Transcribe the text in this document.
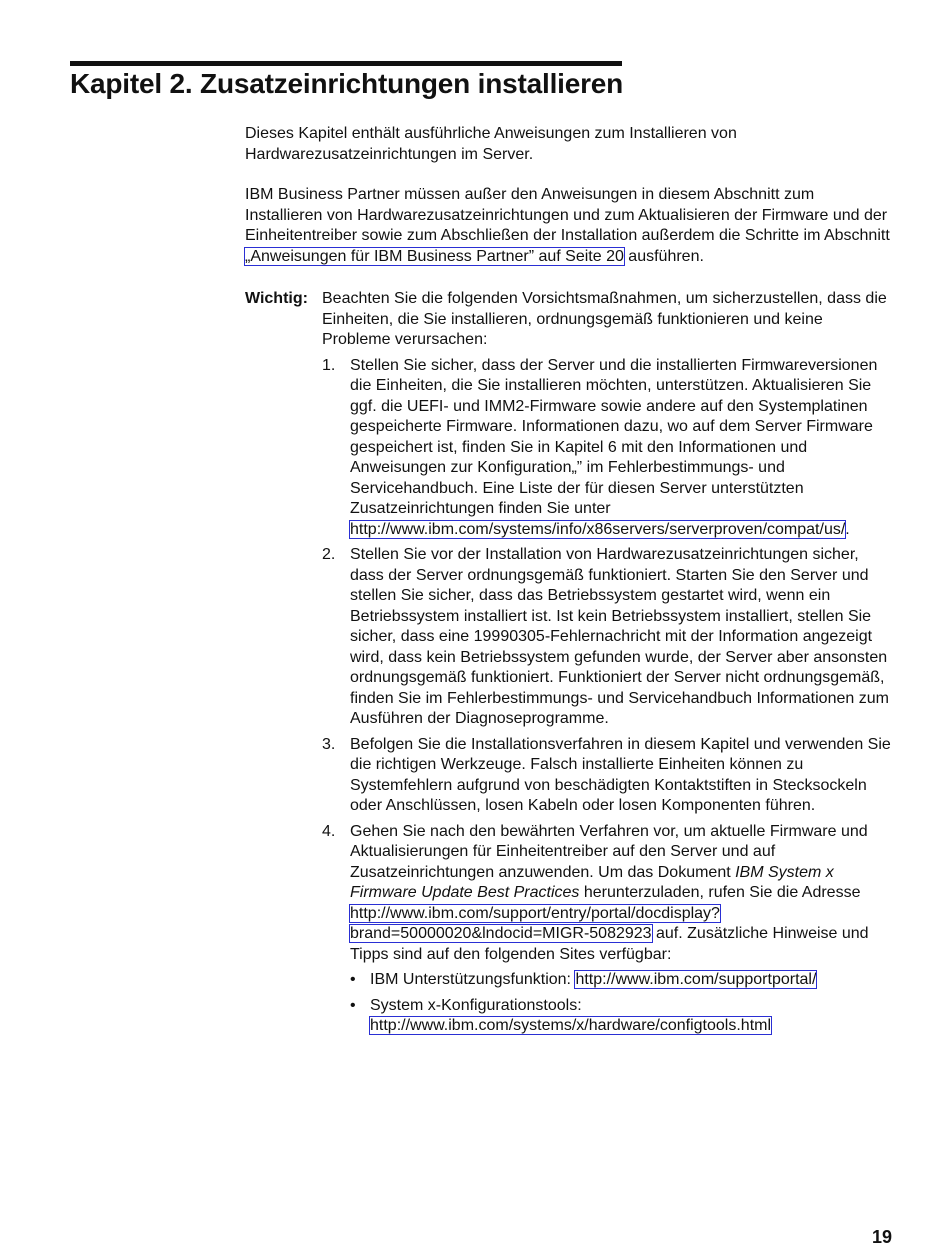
Kapitel 2. Zusatzeinrichtungen installieren

Dieses Kapitel enthält ausführliche Anweisungen zum Installieren von Hardwarezusatzeinrichtungen im Server.

IBM Business Partner müssen außer den Anweisungen in diesem Abschnitt zum Installieren von Hardwarezusatzeinrichtungen und zum Aktualisieren der Firmware und der Einheitentreiber sowie zum Abschließen der Installation außerdem die Schritte im Abschnitt „Anweisungen für IBM Business Partner” auf Seite 20 ausführen.

Wichtig: Beachten Sie die folgenden Vorsichtsmaßnahmen, um sicherzustellen, dass die Einheiten, die Sie installieren, ordnungsgemäß funktionieren und keine Probleme verursachen:

1. Stellen Sie sicher, dass der Server und die installierten Firmwareversionen die Einheiten, die Sie installieren möchten, unterstützen. Aktualisieren Sie ggf. die UEFI- und IMM2-Firmware sowie andere auf den Systemplatinen gespeicherte Firmware. Informationen dazu, wo auf dem Server Firmware gespeichert ist, finden Sie in Kapitel 6 mit den Informationen und Anweisungen zur Konfiguration„” im Fehlerbestimmungs- und Servicehandbuch. Eine Liste der für diesen Server unterstützten Zusatzeinrichtungen finden Sie unter http://www.ibm.com/systems/info/x86servers/serverproven/compat/us/.
2. Stellen Sie vor der Installation von Hardwarezusatzeinrichtungen sicher, dass der Server ordnungsgemäß funktioniert. Starten Sie den Server und stellen Sie sicher, dass das Betriebssystem gestartet wird, wenn ein Betriebssystem installiert ist. Ist kein Betriebssystem installiert, stellen Sie sicher, dass eine 19990305-Fehlernachricht mit der Information angezeigt wird, dass kein Betriebssystem gefunden wurde, der Server aber ansonsten ordnungsgemäß funktioniert. Funktioniert der Server nicht ordnungsgemäß, finden Sie im Fehlerbestimmungs- und Servicehandbuch Informationen zum Ausführen der Diagnoseprogramme.
3. Befolgen Sie die Installationsverfahren in diesem Kapitel und verwenden Sie die richtigen Werkzeuge. Falsch installierte Einheiten können zu Systemfehlern aufgrund von beschädigten Kontaktstiften in Stecksockeln oder Anschlüssen, losen Kabeln oder losen Komponenten führen.
4. Gehen Sie nach den bewährten Verfahren vor, um aktuelle Firmware und Aktualisierungen für Einheitentreiber auf den Server und auf Zusatzeinrichtungen anzuwenden. Um das Dokument IBM System x Firmware Update Best Practices herunterzuladen, rufen Sie die Adresse http://www.ibm.com/support/entry/portal/docdisplay?brand=50000020&lndocid=MIGR-5082923 auf. Zusätzliche Hinweise und Tipps sind auf den folgenden Sites verfügbar:
• IBM Unterstützungsfunktion: http://www.ibm.com/supportportal/
• System x-Konfigurationstools: http://www.ibm.com/systems/x/hardware/configtools.html
19
